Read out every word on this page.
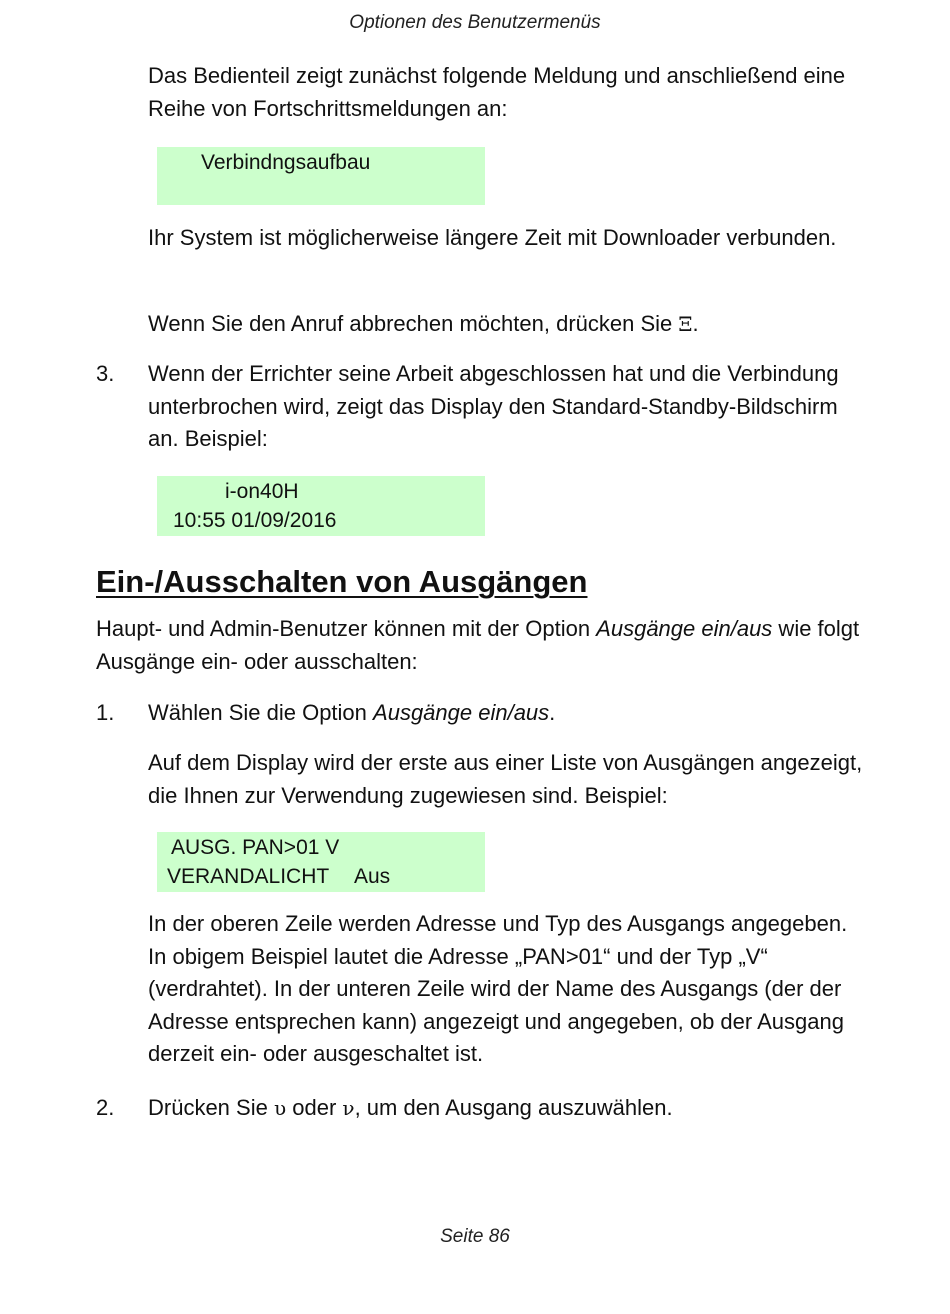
Optionen des Benutzermenüs
Das Bedienteil zeigt zunächst folgende Meldung und anschließend eine Reihe von Fortschrittsmeldungen an:
Verbindngsaufbau
Ihr System ist möglicherweise längere Zeit mit Downloader verbunden.
Wenn Sie den Anruf abbrechen möchten, drücken Sie Ξ.
3. Wenn der Errichter seine Arbeit abgeschlossen hat und die Verbindung unterbrochen wird, zeigt das Display den Standard-Standby-Bildschirm an. Beispiel:
i-on40H
10:55 01/09/2016
Ein-/Ausschalten von Ausgängen
Haupt- und Admin-Benutzer können mit der Option Ausgänge ein/aus wie folgt Ausgänge ein- oder ausschalten:
1. Wählen Sie die Option Ausgänge ein/aus.
Auf dem Display wird der erste aus einer Liste von Ausgängen angezeigt, die Ihnen zur Verwendung zugewiesen sind. Beispiel:
AUSG. PAN>01 V
VERANDALICHT Aus
In der oberen Zeile werden Adresse und Typ des Ausgangs angegeben. In obigem Beispiel lautet die Adresse „PAN>01“ und der Typ „V“ (verdrahtet). In der unteren Zeile wird der Name des Ausgangs (der der Adresse entsprechen kann) angezeigt und angegeben, ob der Ausgang derzeit ein- oder ausgeschaltet ist.
2. Drücken Sie υ oder ν, um den Ausgang auszuwählen.
Seite 86
